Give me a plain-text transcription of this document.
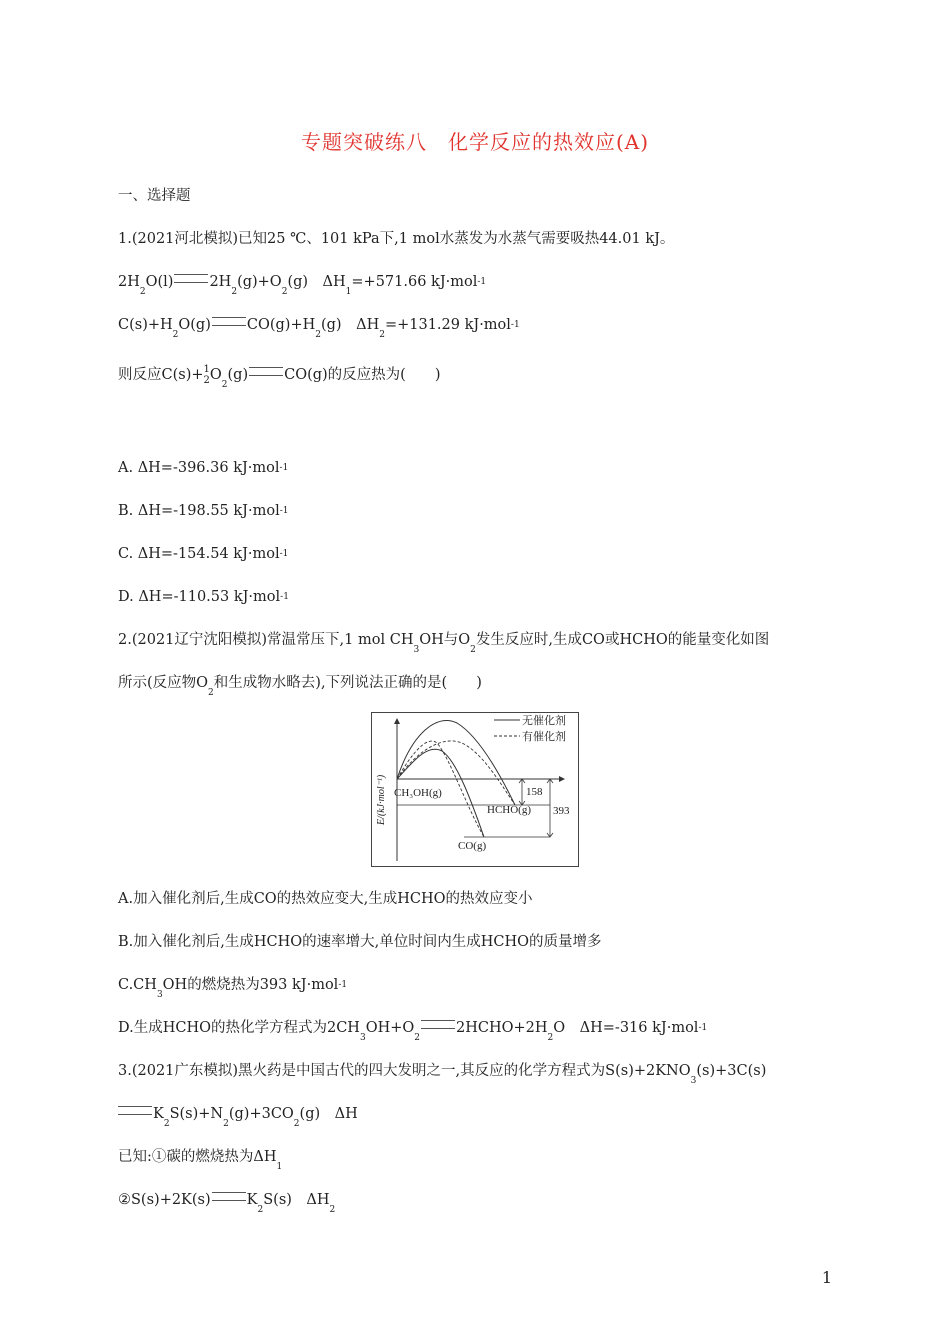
专题突破练八　化学反应的热效应(A)
一、选择题
1.(2021河北模拟)已知25 ℃、101 kPa下,1 mol水蒸发为水蒸气需要吸热44.01 kJ。
$2H_2O(l)$ $2H_2(g)+O_2(g)$　$\Delta H_1=+571.66$ kJ·mol-1
$C(s)+H_2O(g)$ $CO(g)+H_2(g)$　$\Delta H_2=+131.29$ kJ·mol-1
则反应C(s)+1
$2O_2(g)$ CO(g)的反应热为(　　)
A. ΔH=-396.36 kJ·mol-1
B. ΔH=-198.55 kJ·mol-1
C. ΔH=-154.54 kJ·mol-1
D. ΔH=-110.53 kJ·mol-1
2.(2021辽宁沈阳模拟)常温常压下,1 mol $CH_3OH$与$O_2$发生反应时,生成CO或HCHO的能量变化如图
所示(反应物$O_2$和生成物水略去),下列说法正确的是(　　)
无催化剂
有催化剂
158
393
CH₃OH(g)
HCHO(g)
CO(g)
E/(kJ·mol⁻¹)
A.加入催化剂后,生成CO的热效应变大,生成HCHO的热效应变小
B.加入催化剂后,生成HCHO的速率增大,单位时间内生成HCHO的质量增多
$C.CH_3OH$的燃烧热为393 kJ·mol-1
D.生成HCHO的热化学方程式为$2CH_3OH+O_22HCHO+2H_2O$　ΔH=-316 kJ·mol-1
3.(2021广东模拟)黑火药是中国古代的四大发明之一,其反应的化学方程式为$S(s)+2KNO_3(s)+3C(s)$
$K_2S(s)+N_2(g)+3CO_2(g)$　ΔH
已知:①碳的燃烧热为$\Delta H_1$
②S(s)+2K(s) $K_2S(s)$　$\Delta H_2$
1
